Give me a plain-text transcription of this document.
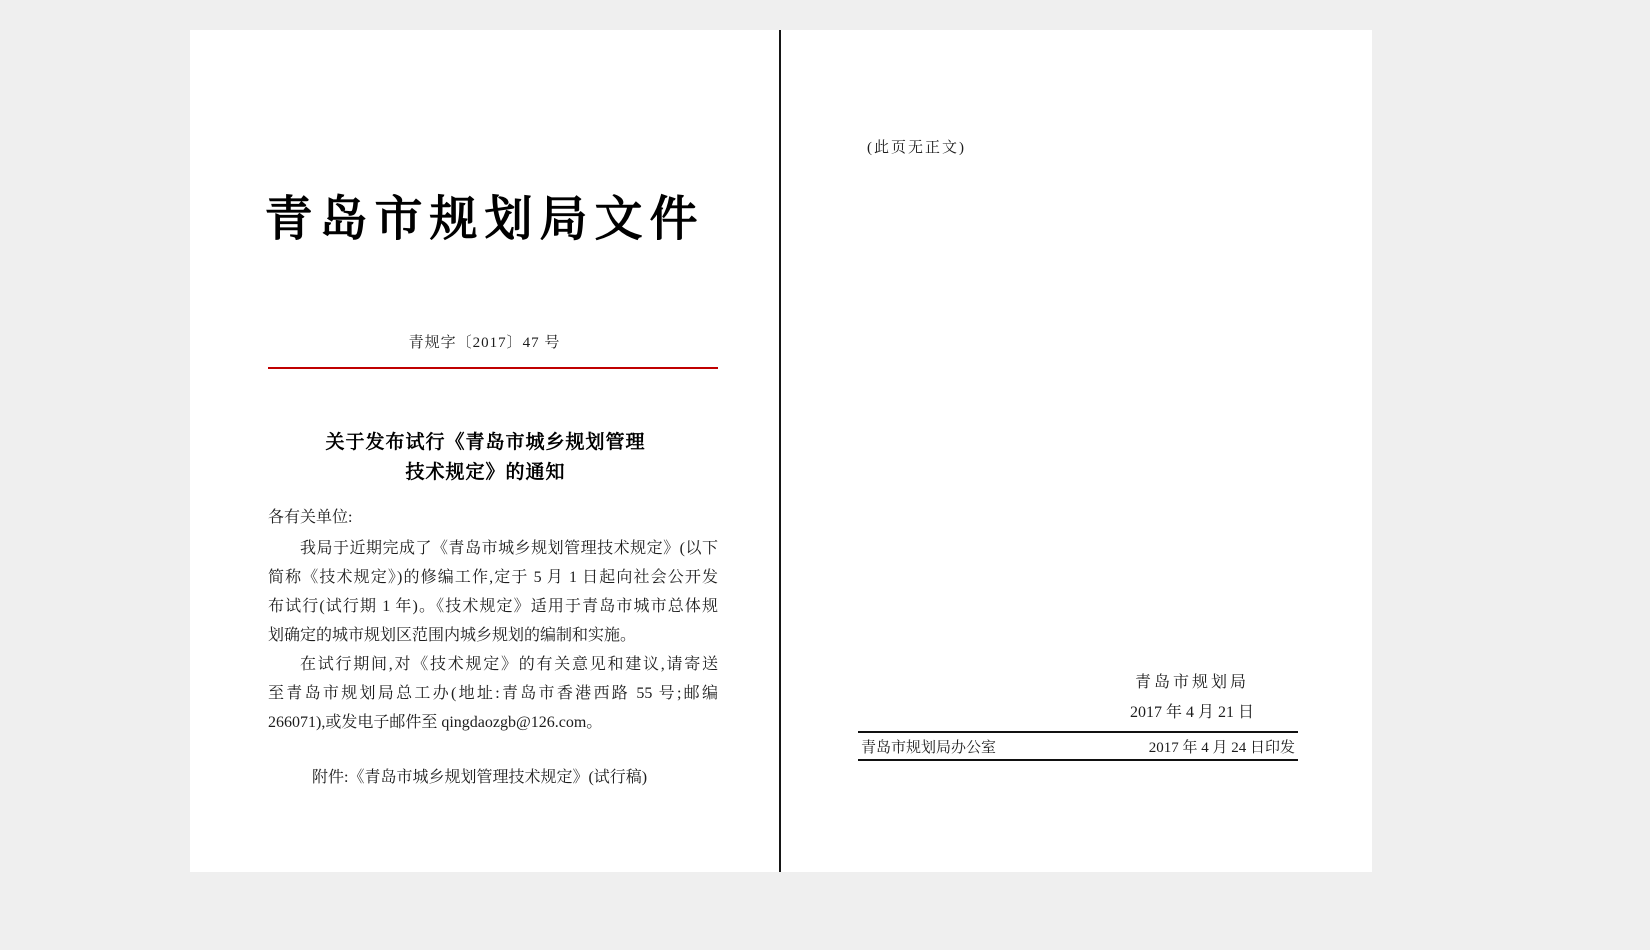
青岛市规划局文件
青规字〔2017〕47 号
关于发布试行《青岛市城乡规划管理
技术规定》的通知
各有关单位:
我局于近期完成了《青岛市城乡规划管理技术规定》(以下
简称《技术规定》)的修编工作,定于 5 月 1 日起向社会公开发
布试行(试行期 1 年)。《技术规定》适用于青岛市城市总体规
划确定的城市规划区范围内城乡规划的编制和实施。
在试行期间,对《技术规定》的有关意见和建议,请寄送
至青岛市规划局总工办(地址:青岛市香港西路 55 号;邮编
266071),或发电子邮件至 qingdaozgb@126.com。
附件:《青岛市城乡规划管理技术规定》(试行稿)
(此页无正文)
青岛市规划局
2017 年 4 月 21 日
青岛市规划局办公室	2017 年 4 月 24 日印发
